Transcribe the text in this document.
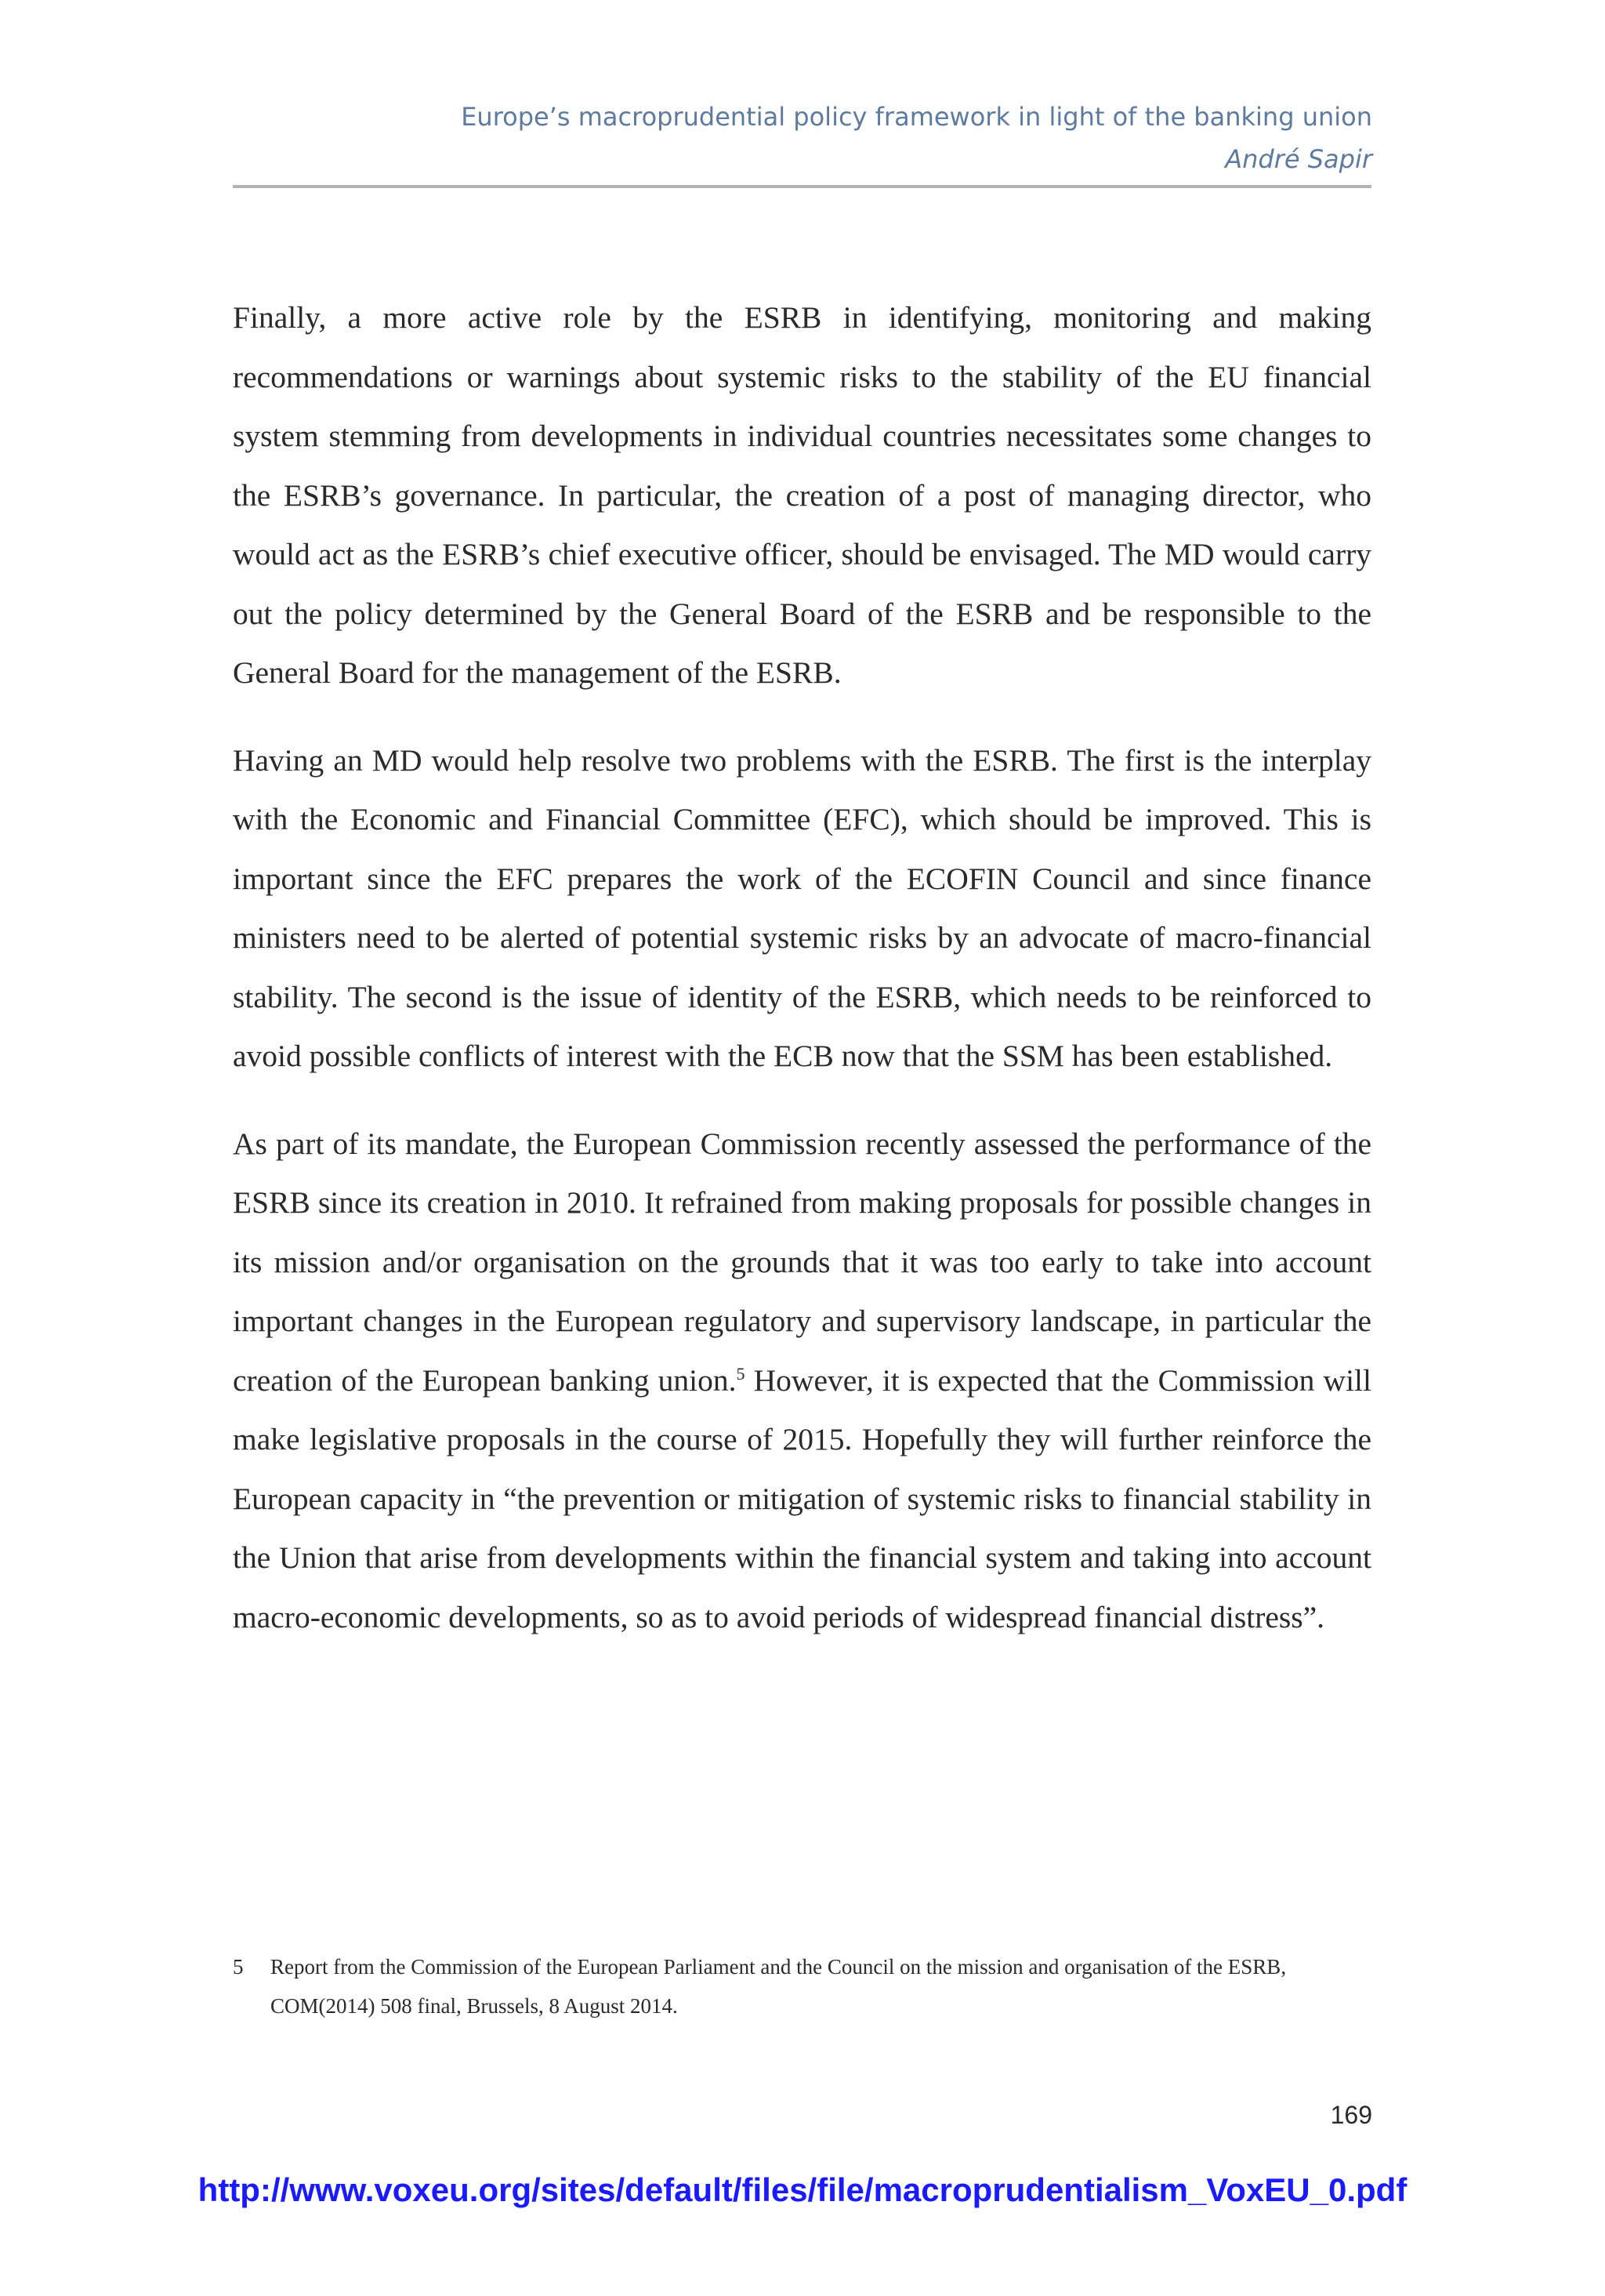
Europe’s macroprudential policy framework in light of the banking union
André Sapir

Finally, a more active role by the ESRB in identifying, monitoring and making recommendations or warnings about systemic risks to the stability of the EU financial system stemming from developments in individual countries necessitates some changes to the ESRB’s governance. In particular, the creation of a post of managing director, who would act as the ESRB’s chief executive officer, should be envisaged. The MD would carry out the policy determined by the General Board of the ESRB and be responsible to the General Board for the management of the ESRB.

Having an MD would help resolve two problems with the ESRB. The first is the interplay with the Economic and Financial Committee (EFC), which should be improved. This is important since the EFC prepares the work of the ECOFIN Council and since finance ministers need to be alerted of potential systemic risks by an advocate of macro-financial stability. The second is the issue of identity of the ESRB, which needs to be reinforced to avoid possible conflicts of interest with the ECB now that the SSM has been established.

As part of its mandate, the European Commission recently assessed the performance of the ESRB since its creation in 2010. It refrained from making proposals for possible changes in its mission and/or organisation on the grounds that it was too early to take into account important changes in the European regulatory and supervisory landscape, in particular the creation of the European banking union.$^5$ However, it is expected that the Commission will make legislative proposals in the course of 2015. Hopefully they will further reinforce the European capacity in “the prevention or mitigation of systemic risks to financial stability in the Union that arise from developments within the financial system and taking into account macro-economic developments, so as to avoid periods of widespread financial distress”.

5 Report from the Commission of the European Parliament and the Council on the mission and organisation of the ESRB, COM(2014) 508 final, Brussels, 8 August 2014.
169
http://www.voxeu.org/sites/default/files/file/macroprudentialism_VoxEU_0.pdf
